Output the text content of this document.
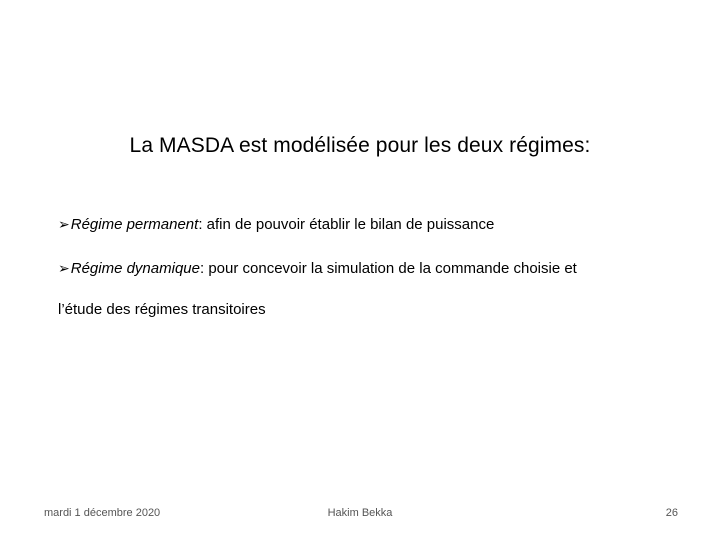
La MASDA est modélisée pour les deux régimes:
➢Régime permanent: afin de pouvoir établir le bilan de puissance
➢Régime dynamique: pour concevoir la simulation de la commande choisie et
l’étude des régimes transitoires
mardi 1 décembre 2020	Hakim Bekka	26
